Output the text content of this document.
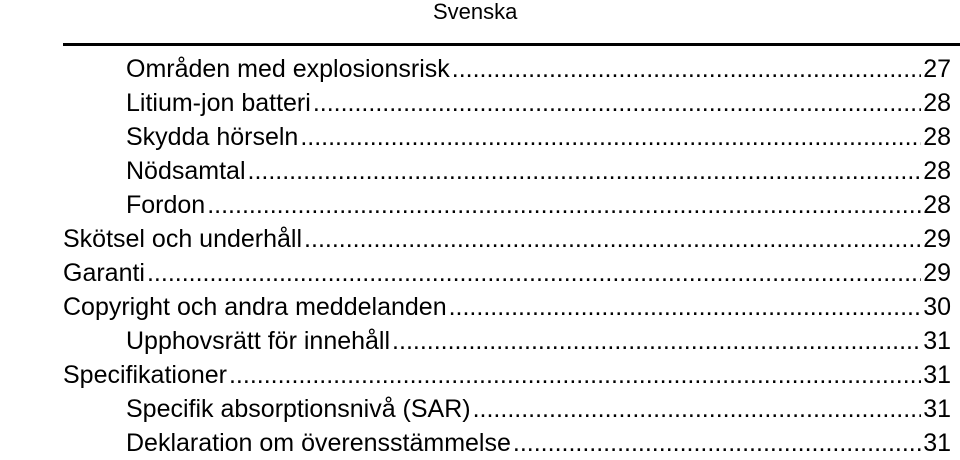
Svenska
Områden med explosionsrisk .....	27
Litium-jon batteri .....	28
Skydda hörseln .....	28
Nödsamtal .....	28
Fordon .....	28
Skötsel och underhåll .....	29
Garanti .....	29
Copyright och andra meddelanden .....	30
Upphovsrätt för innehåll .....	31
Specifikationer .....	31
Specifik absorptionsnivå (SAR) .....	31
Deklaration om överensstämmelse .....	31
